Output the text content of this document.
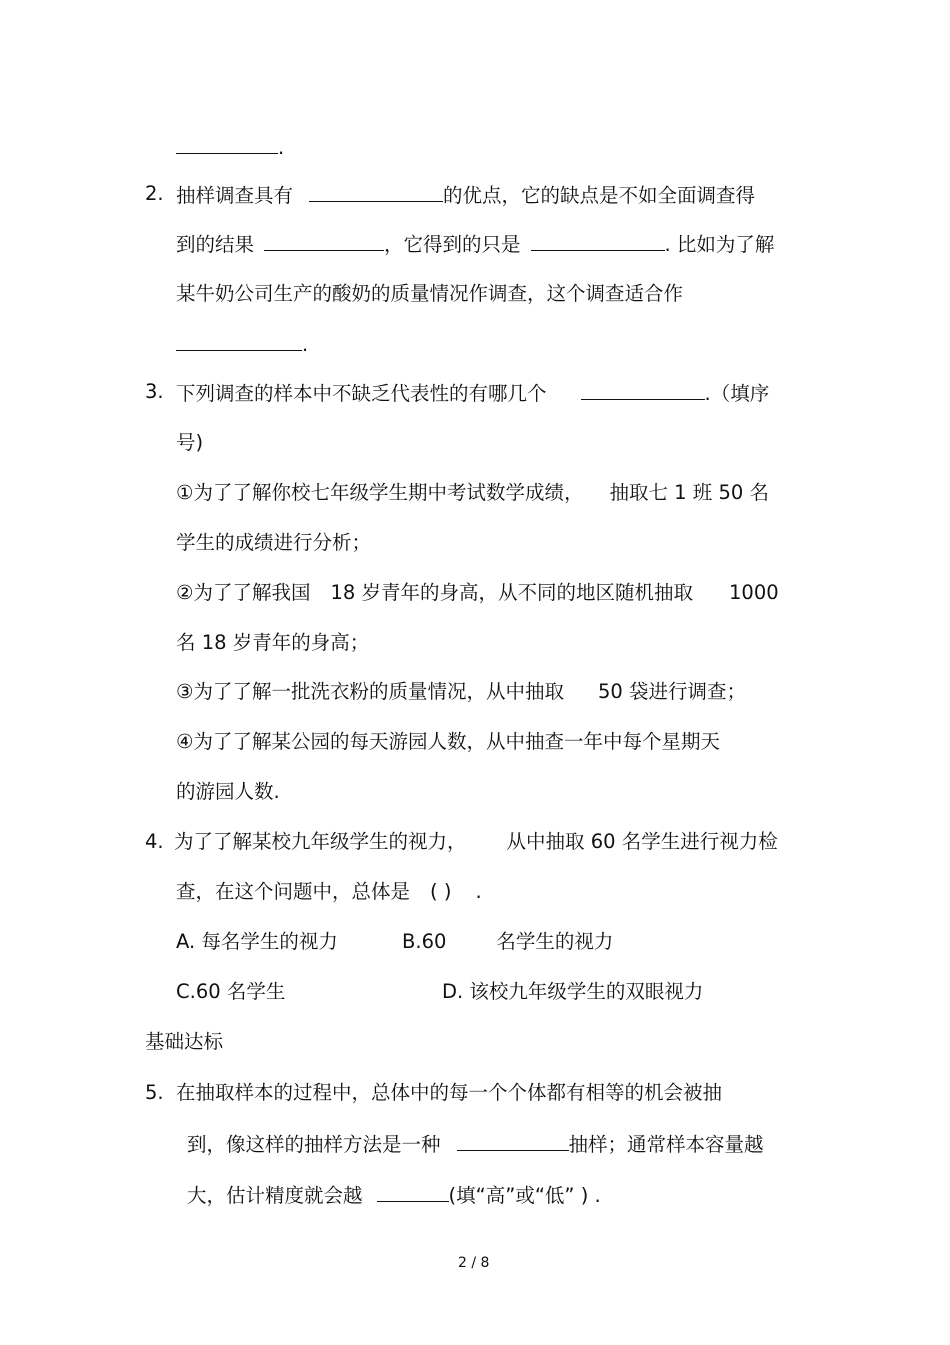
.
2. 抽样调查具有	的优点，它的缺点是不如全面调查得
到的结果	，它得到的只是	. 比如为了解
某牛奶公司生产的酸奶的质量情况作调查，这个调查适合作
.
3. 下列调查的样本中不缺乏代表性的有哪几个	.（填序
号)
①为了了解你校七年级学生期中考试数学成绩， 抽取七 1 班 50 名
学生的成绩进行分析；
②为了了解我国 18 岁青年的身高，从不同的地区随机抽取 1000
名 18 岁青年的身高；
③为了了解一批洗衣粉的质量情况，从中抽取 50 袋进行调查；
④为了了解某公园的每天游园人数，从中抽查一年中每个星期天
的游园人数.
4. 为了了解某校九年级学生的视力， 从中抽取 60 名学生进行视力检
查，在这个问题中，总体是 ( ) .
A. 每名学生的视力	B.60	名学生的视力
C.60 名学生	D. 该校九年级学生的双眼视力
基础达标
5. 在抽取样本的过程中，总体中的每一个个体都有相等的机会被抽
到，像这样的抽样方法是一种	抽样；通常样本容量越
大，估计精度就会越	(填“高”或“低” ) .
2 / 8
